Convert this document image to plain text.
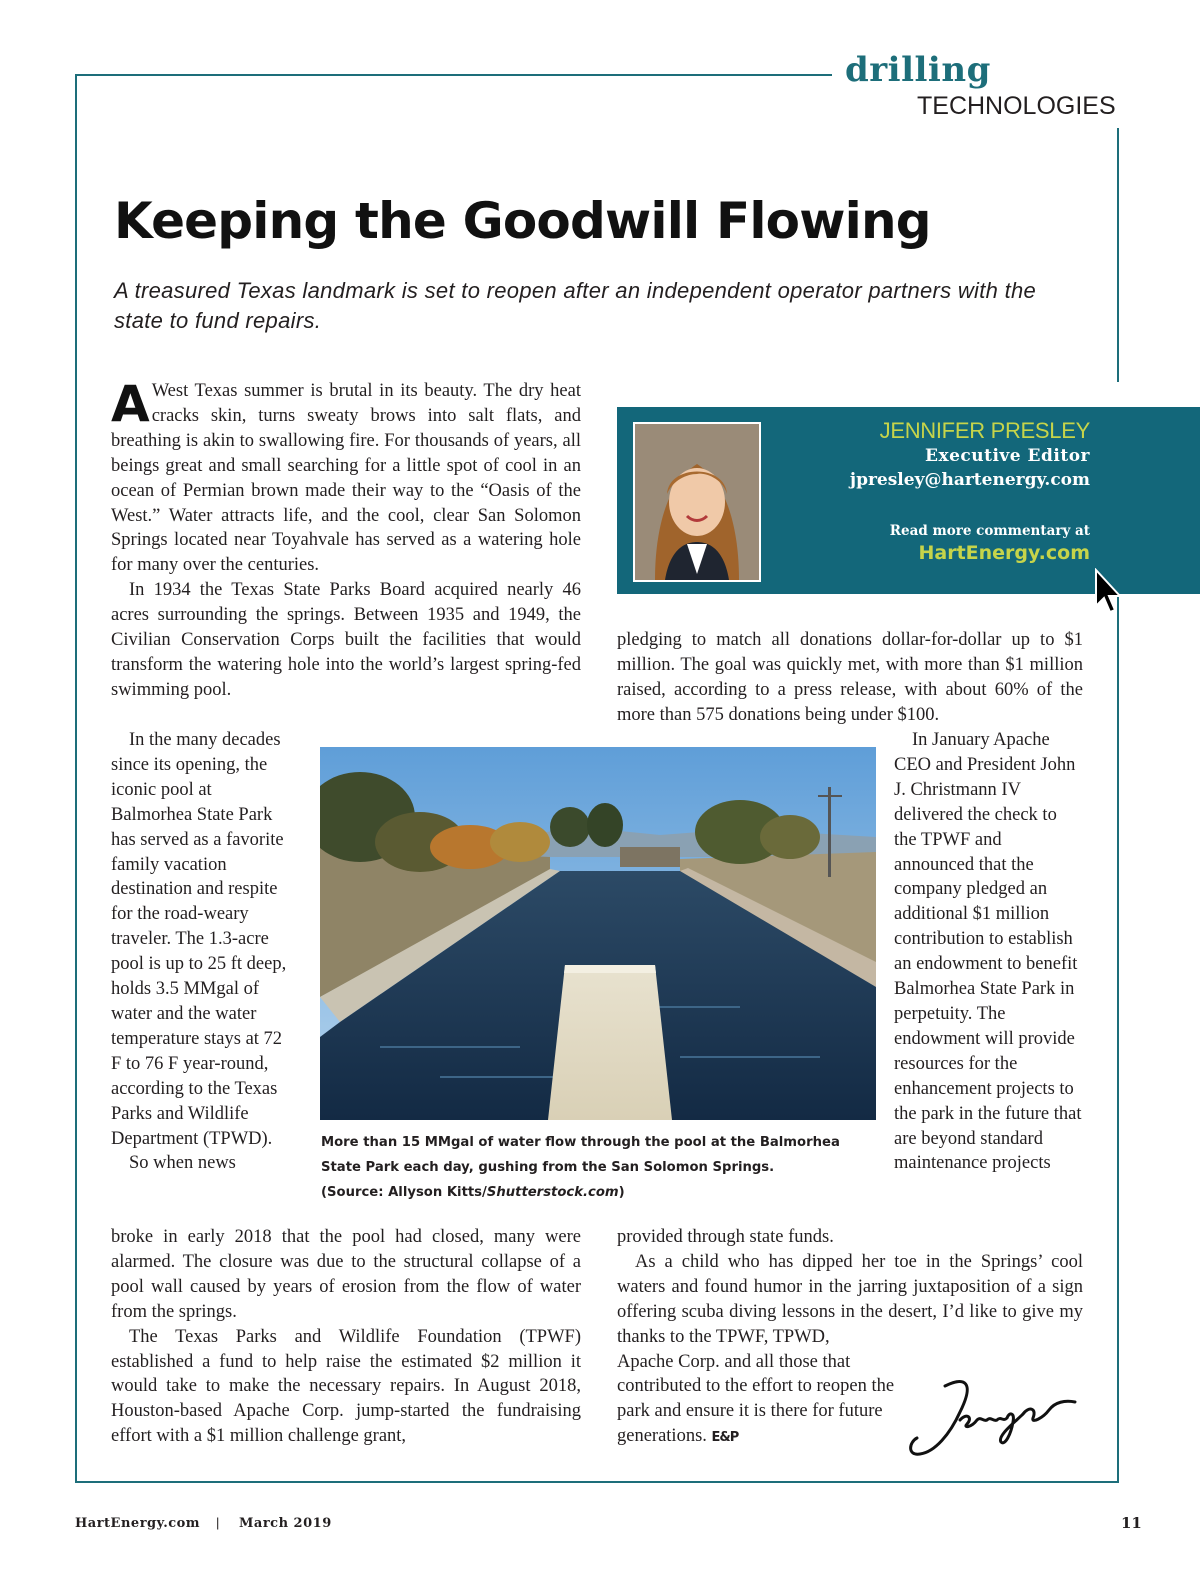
drilling
TECHNOLOGIES
Keeping the Goodwill Flowing
A treasured Texas landmark is set to reopen after an independent operator partners with the state to fund repairs.

A West Texas summer is brutal in its beauty. The dry heat cracks skin, turns sweaty brows into salt flats, and breathing is akin to swallowing fire. For thousands of years, all beings great and small searching for a little spot of cool in an ocean of Permian brown made their way to the “Oasis of the West.” Water attracts life, and the cool, clear San Solomon Springs located near Toyahvale has served as a watering hole for many over the centuries.

In 1934 the Texas State Parks Board acquired nearly 46 acres surrounding the springs. Between 1935 and 1949, the Civilian Conservation Corps built the facilities that would transform the watering hole into the world’s largest spring-fed swimming pool.

In the many decades since its opening, the iconic pool at Balmorhea State Park has served as a favorite family vacation destination and respite for the road-weary traveler. The 1.3-acre pool is up to 25 ft deep, holds 3.5 MMgal of water and the water temperature stays at 72 F to 76 F year-round, according to the Texas Parks and Wildlife Department (TPWD).

So when news

broke in early 2018 that the pool had closed, many were alarmed. The closure was due to the structural collapse of a pool wall caused by years of erosion from the flow of water from the springs.

The Texas Parks and Wildlife Foundation (TPWF) established a fund to help raise the estimated $2 million it would take to make the necessary repairs. In August 2018, Houston-based Apache Corp. jump-started the fundraising effort with a $1 million challenge grant,

pledging to match all donations dollar-for-dollar up to $1 million. The goal was quickly met, with more than $1 million raised, according to a press release, with about 60% of the more than 575 donations being under $100.

In January Apache CEO and President John J. Christmann IV delivered the check to the TPWF and announced that the company pledged an additional $1 million contribution to establish an endowment to benefit Balmorhea State Park in perpetuity. The endowment will provide resources for the enhancement projects to the park in the future that are beyond standard maintenance projects

provided through state funds.

As a child who has dipped her toe in the Springs’ cool waters and found humor in the jarring juxtaposition of a sign offering scuba diving lessons in the desert, I’d like to give my thanks to the TPWF, TPWD,

Apache Corp. and all those that contributed to the effort to reopen the park and ensure it is there for future generations. E&P

More than 15 MMgal of water flow through the pool at the Balmorhea State Park each day, gushing from the San Solomon Springs.
(Source: Allyson Kitts/Shutterstock.com)
JENNIFER PRESLEY
Executive Editor
jpresley@hartenergy.com
Read more commentary at
HartEnergy.com
HartEnergy.com | March 2019	11
